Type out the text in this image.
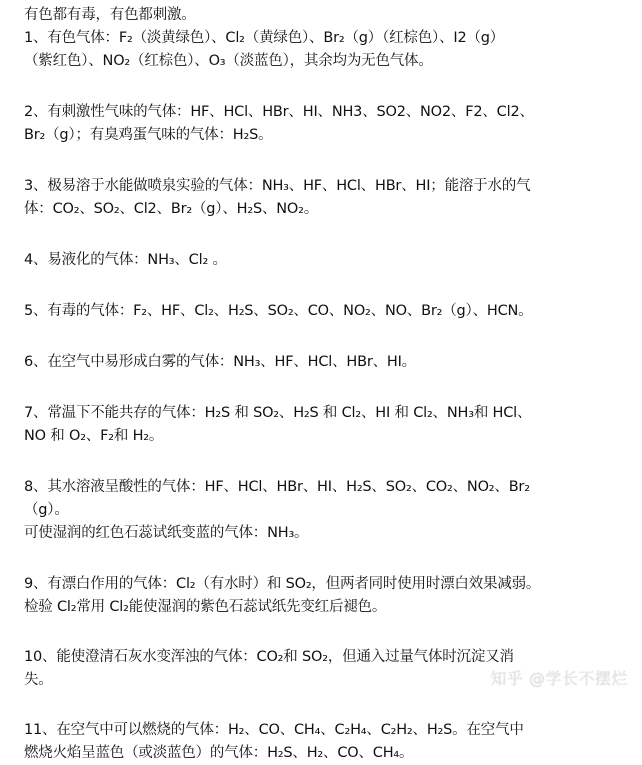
有色都有毒，有色都刺激。
1、有色气体：F₂（淡黄绿色）、Cl₂（黄绿色）、Br₂（g）（红棕色）、I2（g）
（紫红色）、NO₂（红棕色）、O₃（淡蓝色），其余均为无色气体。
2、有刺激性气味的气体：HF、HCl、HBr、HI、NH3、SO2、NO2、F2、Cl2、
Br₂（g）；有臭鸡蛋气味的气体：H₂S。
3、极易溶于水能做喷泉实验的气体：NH₃、HF、HCl、HBr、HI；能溶于水的气
体：CO₂、SO₂、Cl2、Br₂（g）、H₂S、NO₂。
4、易液化的气体：NH₃、Cl₂ 。
5、有毒的气体：F₂、HF、Cl₂、H₂S、SO₂、CO、NO₂、NO、Br₂（g）、HCN。
6、在空气中易形成白雾的气体：NH₃、HF、HCl、HBr、HI。
7、常温下不能共存的气体：H₂S 和 SO₂、H₂S 和 Cl₂、HI 和 Cl₂、NH₃和 HCl、
NO 和 O₂、F₂和 H₂。
8、其水溶液呈酸性的气体：HF、HCl、HBr、HI、H₂S、SO₂、CO₂、NO₂、Br₂
（g）。
可使湿润的红色石蕊试纸变蓝的气体：NH₃。
9、有漂白作用的气体：Cl₂（有水时）和 SO₂，但两者同时使用时漂白效果减弱。
检验 Cl₂常用 Cl₂能使湿润的紫色石蕊试纸先变红后褪色。
10、能使澄清石灰水变浑浊的气体：CO₂和 SO₂，但通入过量气体时沉淀又消
失。
11、在空气中可以燃烧的气体：H₂、CO、CH₄、C₂H₄、C₂H₂、H₂S。在空气中
燃烧火焰呈蓝色（或淡蓝色）的气体：H₂S、H₂、CO、CH₄。
知乎 @学长不摆烂
